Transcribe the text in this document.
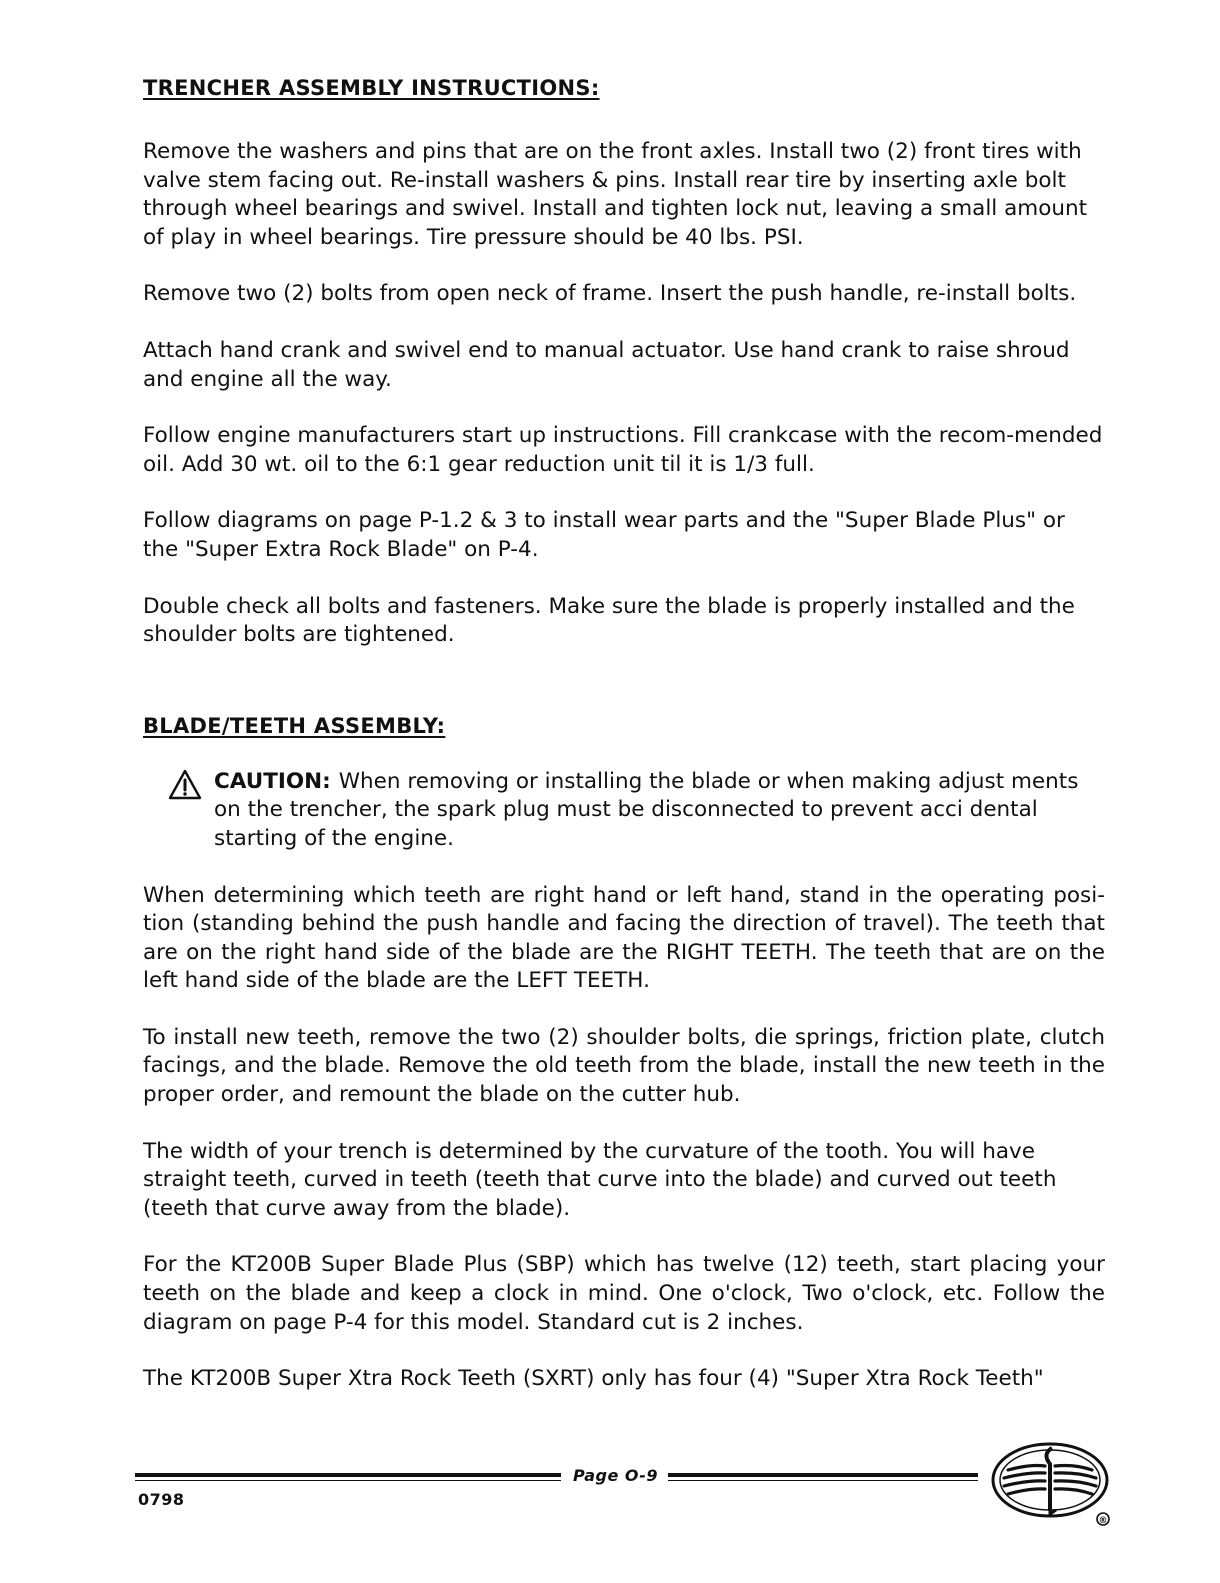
TRENCHER ASSEMBLY INSTRUCTIONS:

Remove the washers and pins that are on the front axles. Install two (2) front tires with valve stem facing out. Re-install washers & pins. Install rear tire by inserting axle bolt through wheel bearings and swivel. Install and tighten lock nut, leaving a small amount of play in wheel bearings. Tire pressure should be 40 lbs. PSI.

Remove two (2) bolts from open neck of frame. Insert the push handle, re-install bolts.

Attach hand crank and swivel end to manual actuator. Use hand crank to raise shroud and engine all the way.

Follow engine manufacturers start up instructions. Fill crankcase with the recom-mended oil. Add 30 wt. oil to the 6:1 gear reduction unit til it is 1/3 full.

Follow diagrams on page P-1.2 & 3 to install wear parts and the "Super Blade Plus" or the "Super Extra Rock Blade" on P-4.

Double check all bolts and fasteners. Make sure the blade is properly installed and the shoulder bolts are tightened.

BLADE/TEETH ASSEMBLY:
CAUTION: When removing or installing the blade or when making adjust ments on the trencher, the spark plug must be disconnected to prevent acci dental starting of the engine.

When determining which teeth are right hand or left hand, stand in the operating posi-tion (standing behind the push handle and facing the direction of travel). The teeth that are on the right hand side of the blade are the RIGHT TEETH. The teeth that are on the left hand side of the blade are the LEFT TEETH.

To install new teeth, remove the two (2) shoulder bolts, die springs, friction plate, clutch facings, and the blade. Remove the old teeth from the blade, install the new teeth in the proper order, and remount the blade on the cutter hub.

The width of your trench is determined by the curvature of the tooth. You will have straight teeth, curved in teeth (teeth that curve into the blade) and curved out teeth (teeth that curve away from the blade).

For the KT200B Super Blade Plus (SBP) which has twelve (12) teeth, start placing your teeth on the blade and keep a clock in mind. One o'clock, Two o'clock, etc. Follow the diagram on page P-4 for this model. Standard cut is 2 inches.

The KT200B Super Xtra Rock Teeth (SXRT) only has four (4) "Super Xtra Rock Teeth"

Page O-9
0798
®
